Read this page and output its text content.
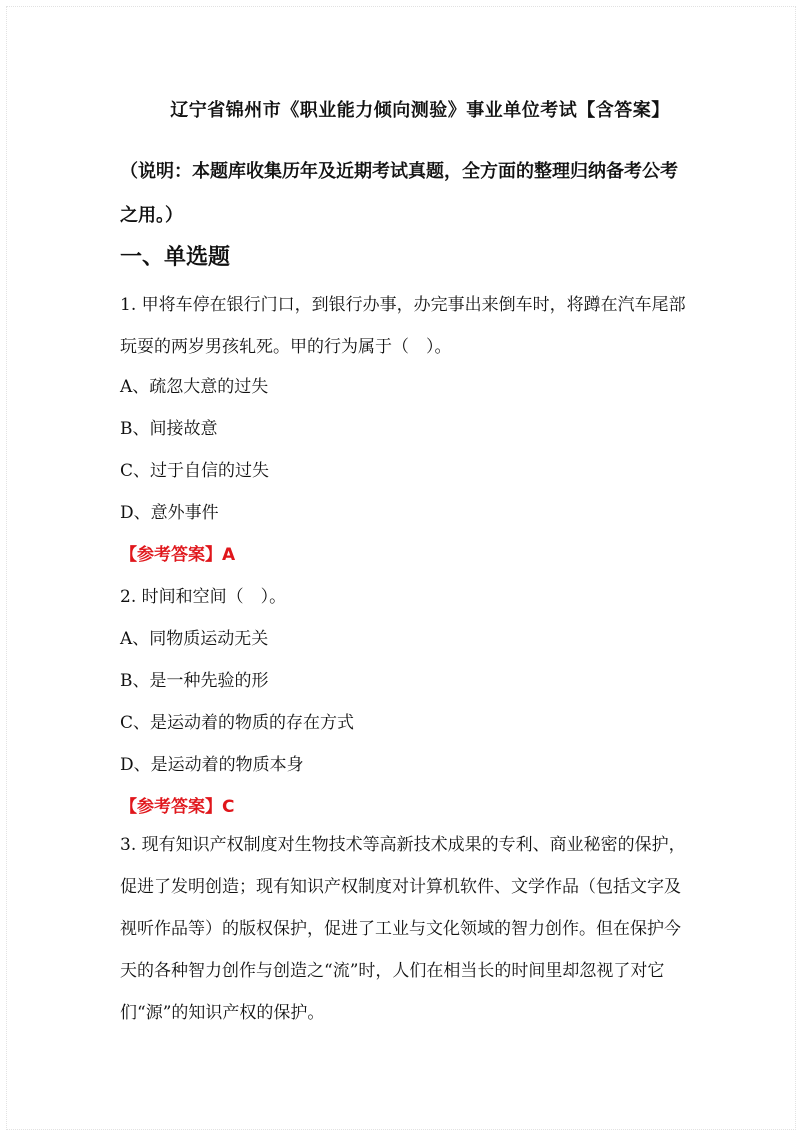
辽宁省锦州市《职业能力倾向测验》事业单位考试【含答案】
（说明：本题库收集历年及近期考试真题，全方面的整理归纳备考公考之用。）
一、单选题
1. 甲将车停在银行门口，到银行办事，办完事出来倒车时，将蹲在汽车尾部玩耍的两岁男孩轧死。甲的行为属于（　）。
A、疏忽大意的过失
B、间接故意
C、过于自信的过失
D、意外事件
【参考答案】A
2. 时间和空间（　）。
A、同物质运动无关
B、是一种先验的形
C、是运动着的物质的存在方式
D、是运动着的物质本身
【参考答案】C
3. 现有知识产权制度对生物技术等高新技术成果的专利、商业秘密的保护，促进了发明创造；现有知识产权制度对计算机软件、文学作品（包括文字及视听作品等）的版权保护，促进了工业与文化领域的智力创作。但在保护今天的各种智力创作与创造之“流”时，人们在相当长的时间里却忽视了对它们“源”的知识产权的保护。
